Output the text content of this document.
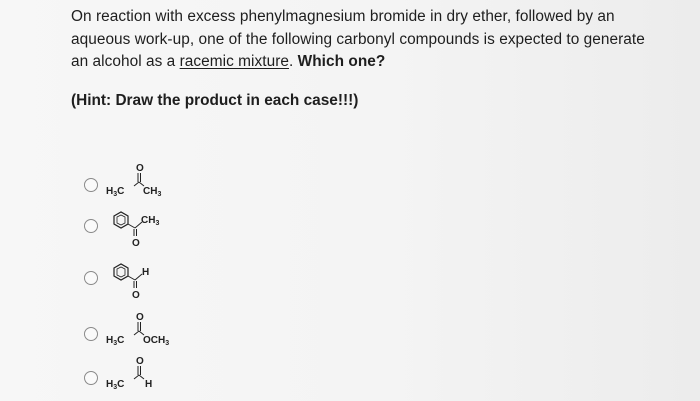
On reaction with excess phenylmagnesium bromide in dry ether, followed by an

aqueous work-up, one of the following carbonyl compounds is expected to generate

an alcohol as a racemic mixture. Which one?

(Hint: Draw the product in each case!!!)
O
$H_3C$ $CH_3$
O
$CH_3$
O
H
O
$H_3C$ $OCH_3$
O
$H_3C$ H
